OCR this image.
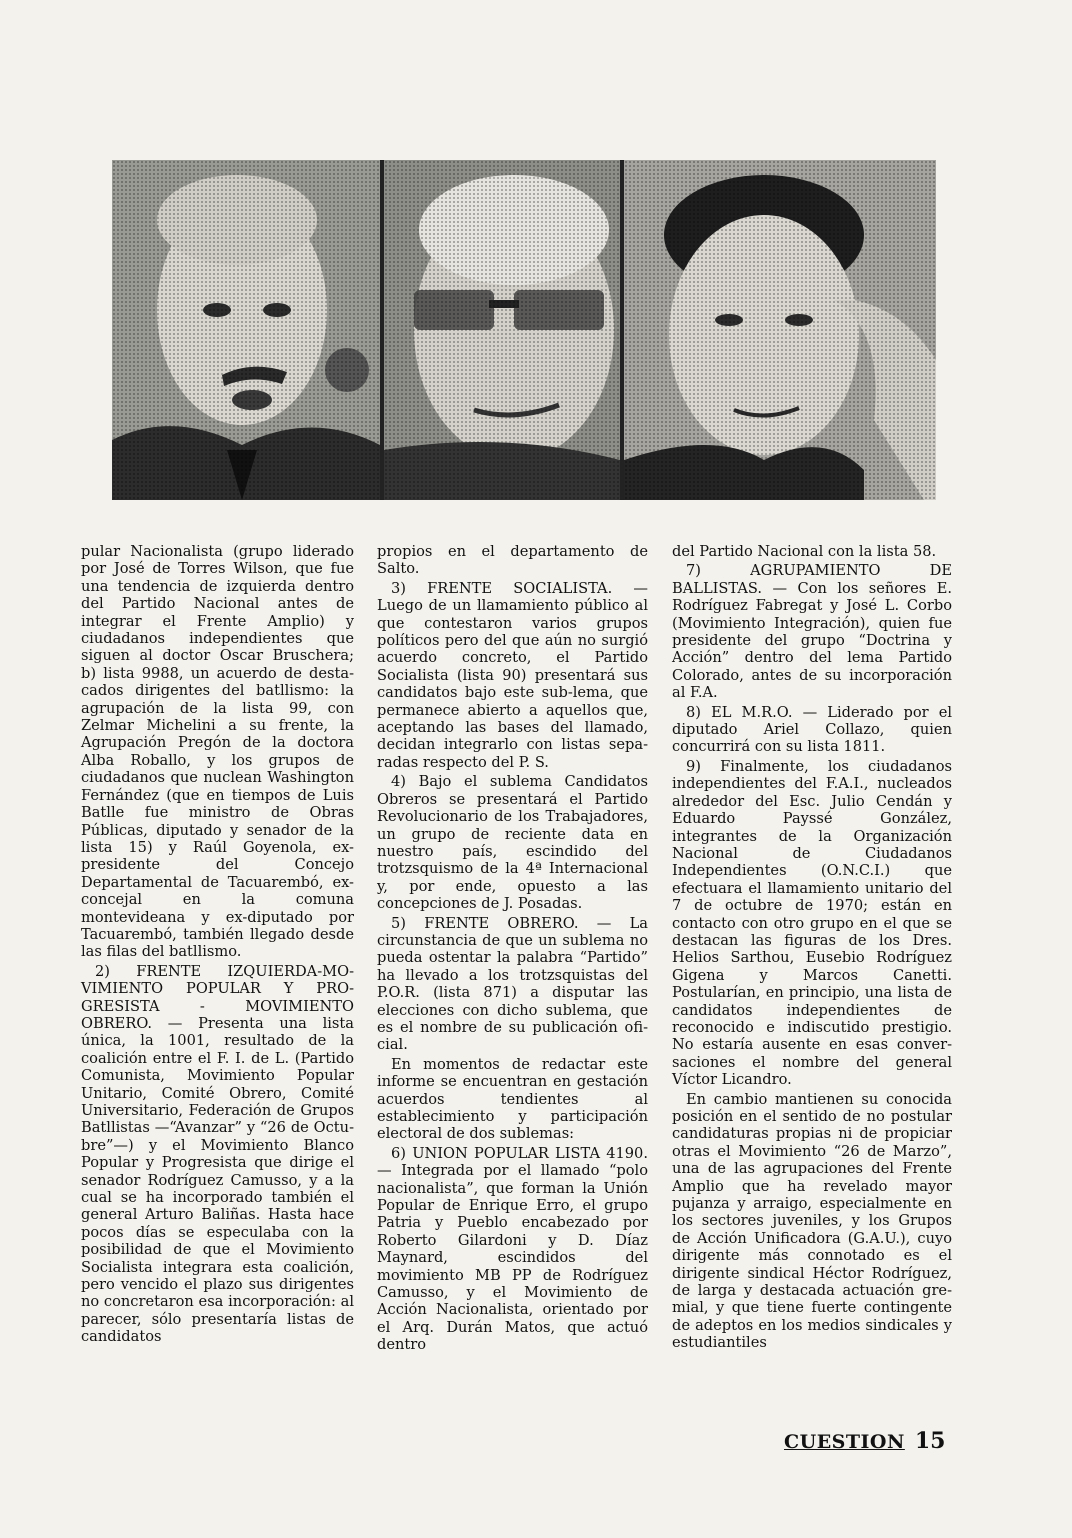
pular Nacionalista (grupo liderado por José de Torres Wilson, que fue una tendencia de izquierda dentro del Partido Nacional antes de integrar el Frente Amplio) y ciudadanos independientes que siguen al doctor Oscar Bruschera; b) lista 9988, un acuerdo de destacados dirigentes del batllismo: la agrupación de la lista 99, con Zelmar Michelini a su frente, la Agrupación Pregón de la doctora Alba Roballo, y los grupos de ciudadanos que nuclean Washington Fernández (que en tiempos de Luis Batlle fue ministro de Obras Públicas, diputado y senador de la lista 15) y Raúl Goyenola, ex-presidente del Concejo Departamental de Tacuarembó, ex-concejal en la comuna montevideana y ex-diputado por Tacuarembó, también llegado desde las filas del batllismo.

2) FRENTE IZQUIERDA-MOVIMIENTO POPULAR Y PROGRESISTA - MOVIMIENTO OBRERO. — Presenta una lista única, la 1001, resultado de la coalición entre el F. I. de L. (Partido Comunista, Movimiento Popular Unitario, Comité Obrero, Comité Universitario, Federación de Grupos Batllistas —“Avanzar” y “26 de Octubre”—) y el Movimiento Blanco Popular y Progresista que dirige el senador Rodríguez Camusso, y a la cual se ha incorporado también el general Arturo Baliñas. Hasta hace pocos días se especulaba con la posibilidad de que el Movimiento Socialista integrara esta coalición, pero vencido el plazo sus dirigentes no concretaron esa incorporación: al parecer, sólo presentaría listas de candidatos

propios en el departamento de Salto.

3) FRENTE SOCIALISTA. — Luego de un llamamiento público al que contestaron varios grupos políticos pero del que aún no surgió acuerdo concreto, el Partido Socialista (lista 90) presentará sus candidatos bajo este sub-lema, que permanece abierto a aquellos que, aceptando las bases del llamado, decidan integrarlo con listas separadas respecto del P. S.

4) Bajo el sublema Candidatos Obreros se presentará el Partido Revolucionario de los Trabajadores, un grupo de reciente data en nuestro país, escindido del trotzsquismo de la 4ª Internacional y, por ende, opuesto a las concepciones de J. Posadas.

5) FRENTE OBRERO. — La circunstancia de que un sublema no pueda ostentar la palabra “Partido” ha llevado a los trotzsquistas del P.O.R. (lista 871) a disputar las elecciones con dicho sublema, que es el nombre de su publicación oficial.

En momentos de redactar este informe se encuentran en gestación acuerdos tendientes al establecimiento y participación electoral de dos sublemas:

6) UNION POPULAR LISTA 4190. — Integrada por el llamado “polo nacionalista”, que forman la Unión Popular de Enrique Erro, el grupo Patria y Pueblo encabezado por Roberto Gilardoni y D. Díaz Maynard, escindidos del movimiento MB PP de Rodríguez Camusso, y el Movimiento de Acción Nacionalista, orientado por el Arq. Durán Matos, que actuó dentro

del Partido Nacional con la lista 58.

7) AGRUPAMIENTO DE BALLISTAS. — Con los señores E. Rodríguez Fabregat y José L. Corbo (Movimiento Integración), quien fue presidente del grupo “Doctrina y Acción” dentro del lema Partido Colorado, antes de su incorporación al F.A.

8) EL M.R.O. — Liderado por el diputado Ariel Collazo, quien concurrirá con su lista 1811.

9) Finalmente, los ciudadanos independientes del F.A.I., nucleados alrededor del Esc. Julio Cendán y Eduardo Payssé González, integrantes de la Organización Nacional de Ciudadanos Independientes (O.N.C.I.) que efectuara el llamamiento unitario del 7 de octubre de 1970; están en contacto con otro grupo en el que se destacan las figuras de los Dres. Helios Sarthou, Eusebio Rodríguez Gigena y Marcos Canetti. Postularían, en principio, una lista de candidatos independientes de reconocido e indiscutido prestigio. No estaría ausente en esas conversaciones el nombre del general Víctor Licandro.

En cambio mantienen su conocida posición en el sentido de no postular candidaturas propias ni de propiciar otras el Movimiento “26 de Marzo”, una de las agrupaciones del Frente Amplio que ha revelado mayor pujanza y arraigo, especialmente en los sectores juveniles, y los Grupos de Acción Unificadora (G.A.U.), cuyo dirigente más connotado es el dirigente sindical Héctor Rodríguez, de larga y destacada actuación gremial, y que tiene fuerte contingente de adeptos en los medios sindicales y estudiantiles

CUESTION 15
